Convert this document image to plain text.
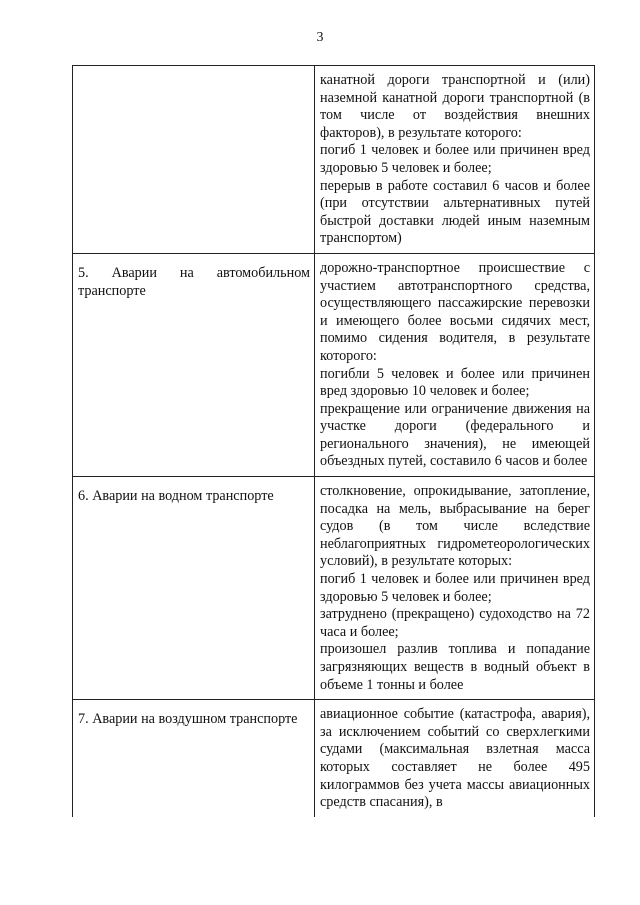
3

	канатной дороги транспортной и (или) наземной канатной дороги транспортной (в том числе от воздействия внешних факторов), в результате которого:
погиб 1 человек и более или причинен вред здоровью 5 человек и более;
перерыв в работе составил 6 часов и более (при отсутствии альтернативных путей быстрой доставки людей иным наземным транспортом)

5. Аварии на автомобильном транспорте	дорожно-транспортное происшествие с участием автотранспортного средства, осуществляющего пассажирские перевозки и имеющего более восьми сидячих мест, помимо сидения водителя, в результате которого:
погибли 5 человек и более или причинен вред здоровью 10 человек и более;
прекращение или ограничение движения на участке дороги (федерального и регионального значения), не имеющей объездных путей, составило 6 часов и более

6. Аварии на водном транспорте	столкновение, опрокидывание, затопление, посадка на мель, выбрасывание на берег судов (в том числе вследствие неблагоприятных гидрометеорологических условий), в результате которых:
погиб 1 человек и более или причинен вред здоровью 5 человек и более;
затруднено (прекращено) судоходство на 72 часа и более;
произошел разлив топлива и попадание загрязняющих веществ в водный объект в объеме 1 тонны и более

7. Аварии на воздушном транспорте	авиационное событие (катастрофа, авария), за исключением событий со сверхлегкими судами (максимальная взлетная масса которых составляет не более 495 килограммов без учета массы авиационных средств спасания), в
